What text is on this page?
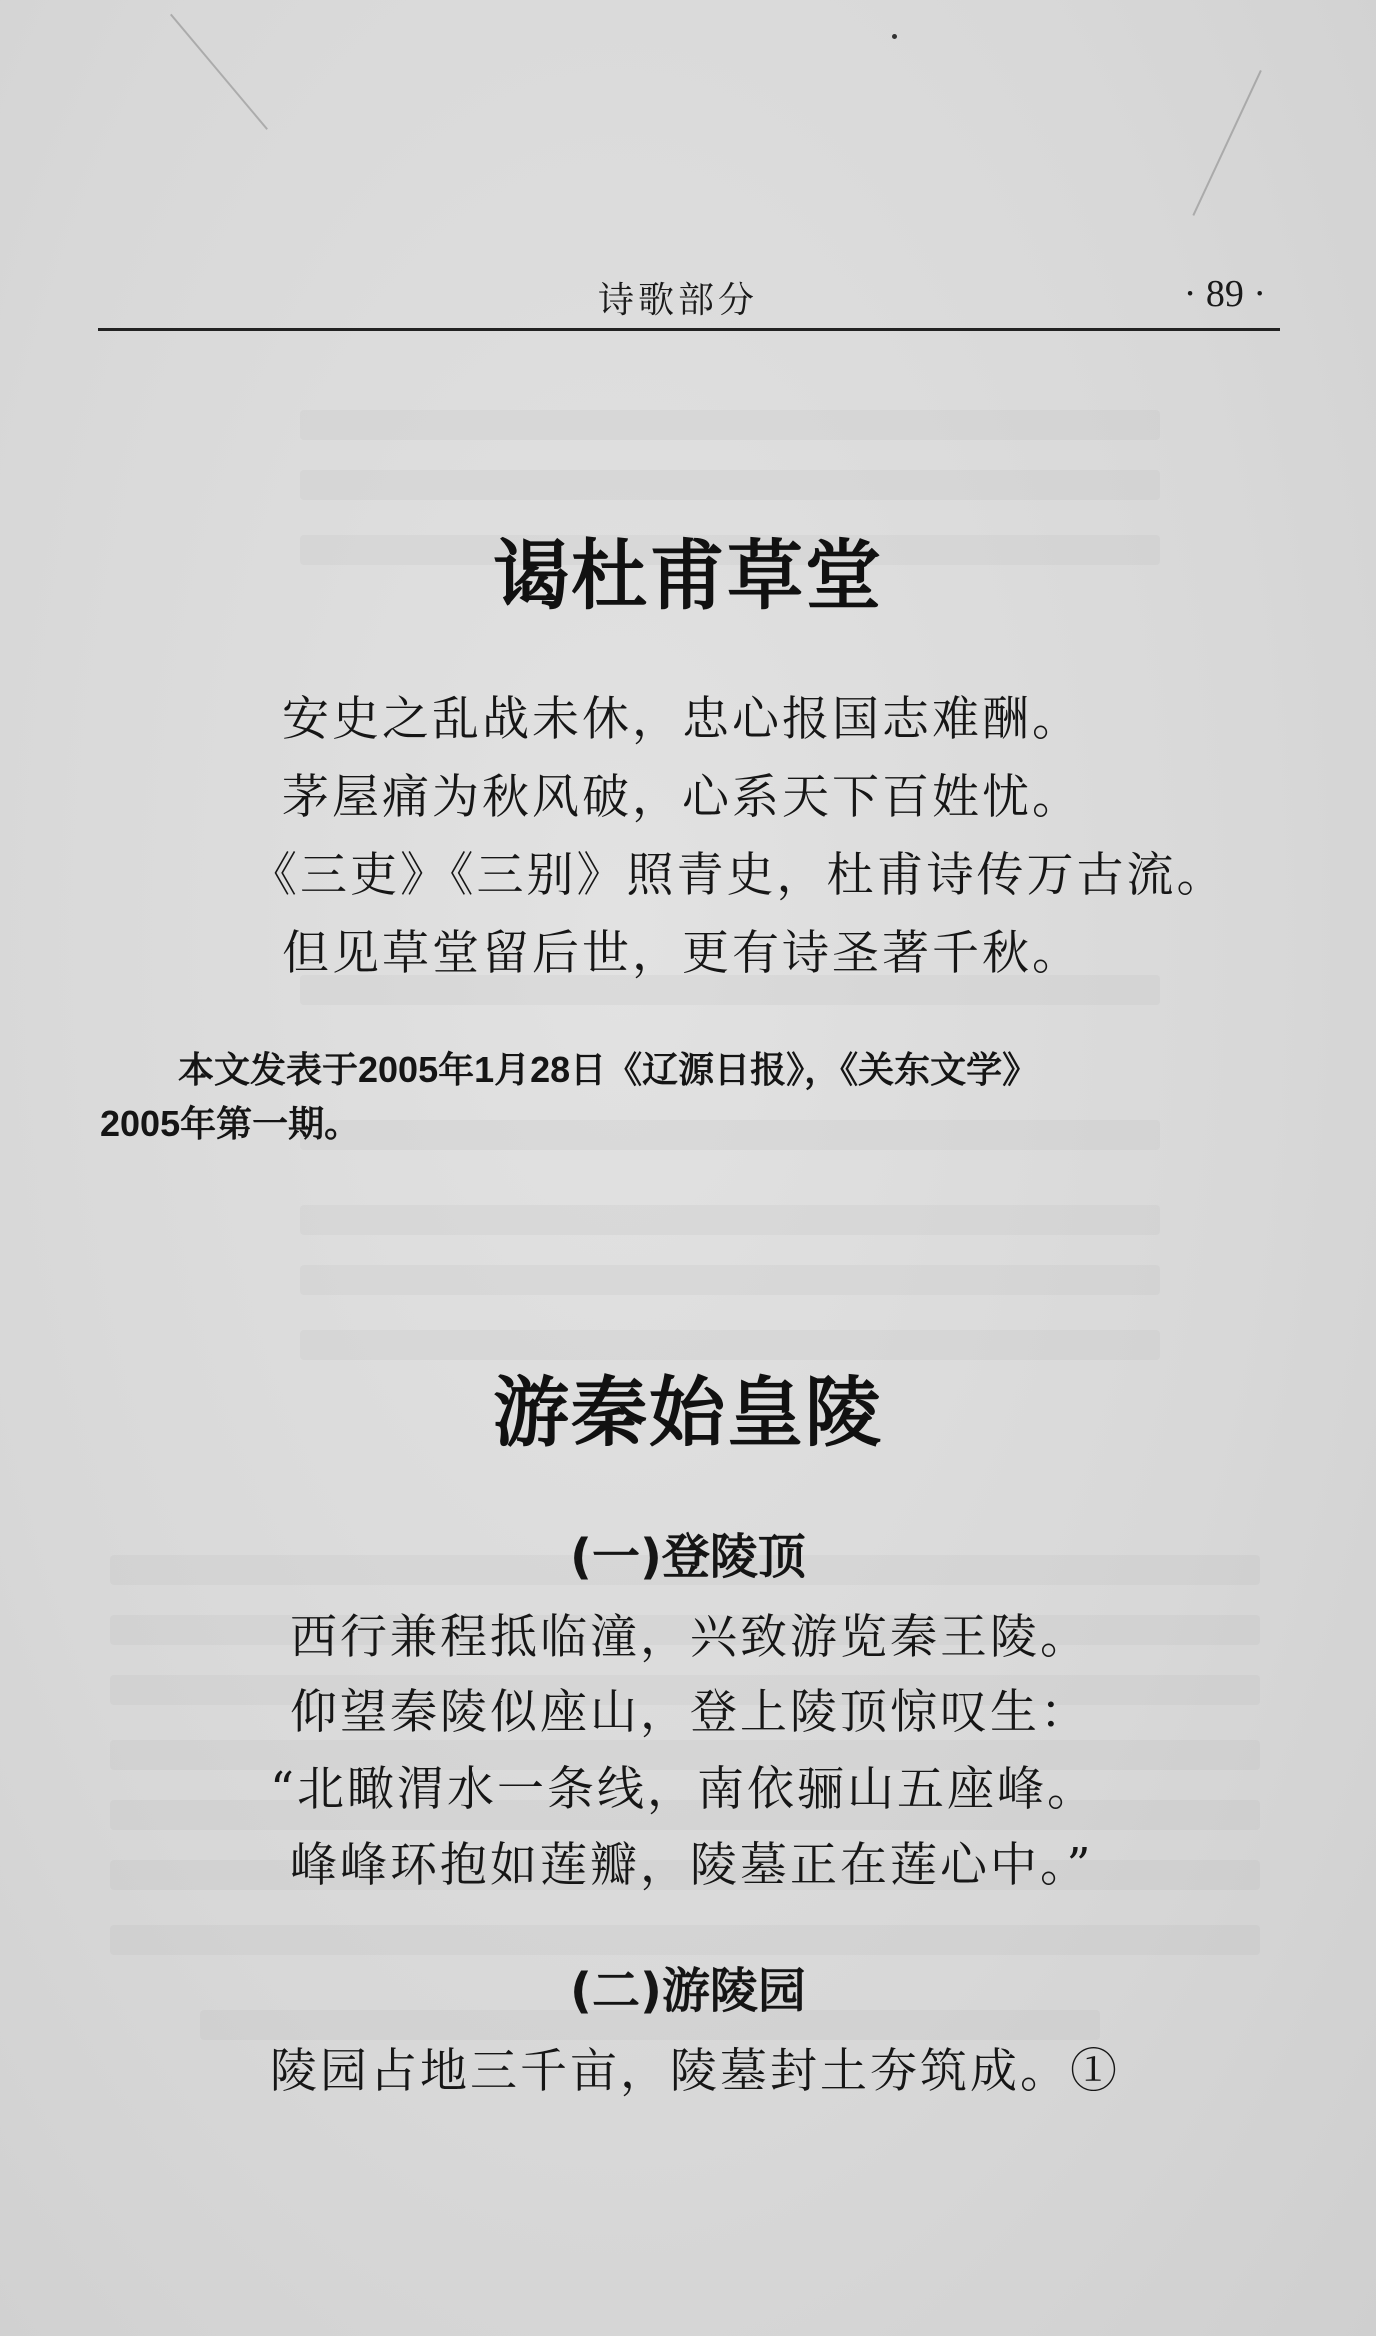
诗歌部分	· 89 ·
谒杜甫草堂
安史之乱战未休，忠心报国志难酬。
茅屋痛为秋风破，心系天下百姓忧。
《三吏》《三别》照青史，杜甫诗传万古流。
但见草堂留后世，更有诗圣著千秋。
本文发表于2005年1月28日《辽源日报》，《关东文学》
2005年第一期。
游秦始皇陵
(一)登陵顶
西行兼程抵临潼，兴致游览秦王陵。
仰望秦陵似座山，登上陵顶惊叹生：
“北瞰渭水一条线，南依骊山五座峰。
峰峰环抱如莲瓣，陵墓正在莲心中。”
(二)游陵园
陵园占地三千亩，陵墓封土夯筑成。①
